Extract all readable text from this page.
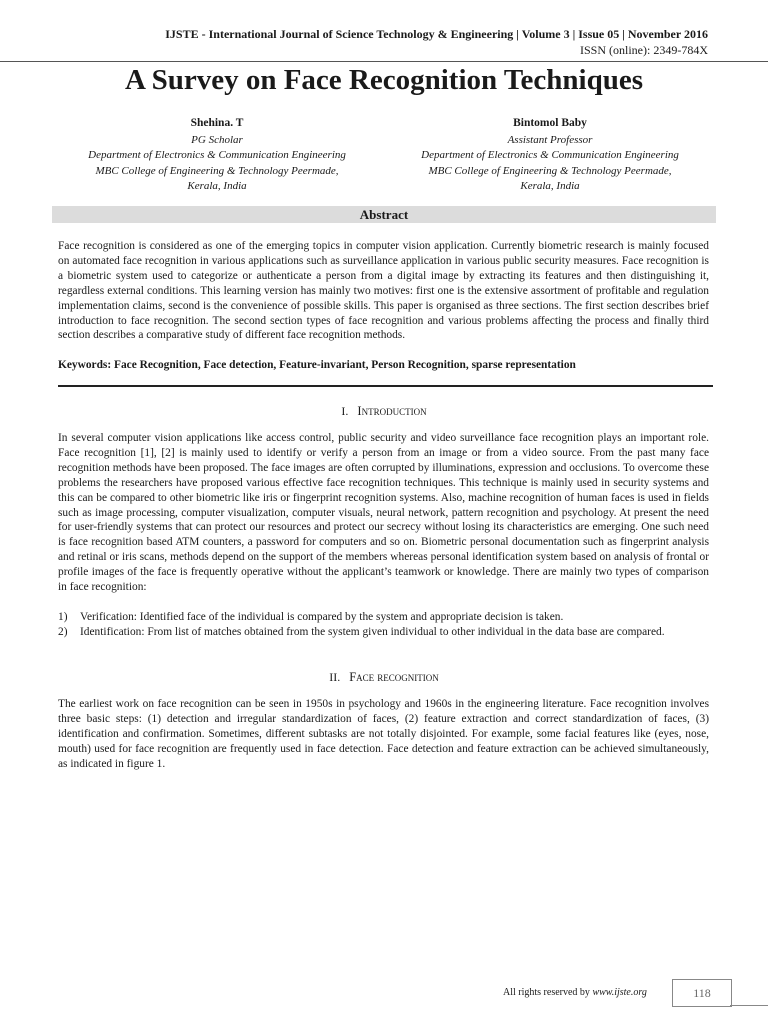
IJSTE - International Journal of Science Technology & Engineering | Volume 3 | Issue 05 | November 2016
ISSN (online): 2349-784X
A Survey on Face Recognition Techniques
Shehina. T
PG Scholar
Department of Electronics & Communication Engineering
MBC College of Engineering & Technology Peermade,
Kerala, India
Bintomol Baby
Assistant Professor
Department of Electronics & Communication Engineering
MBC College of Engineering & Technology Peermade,
Kerala, India
Abstract
Face recognition is considered as one of the emerging topics in computer vision application. Currently biometric research is mainly focused on automated face recognition in various applications such as surveillance application in various public security measures. Face recognition is a biometric system used to categorize or authenticate a person from a digital image by extracting its features and then distinguishing it, regardless external conditions. This learning version has mainly two motives: first one is the extensive assortment of profitable and regulation implementation claims, second is the convenience of possible skills. This paper is organised as three sections. The first section describes brief introduction to face recognition. The second section types of face recognition and various problems affecting the process and finally third section describes a comparative study of different face recognition methods.
Keywords: Face Recognition, Face detection, Feature-invariant, Person Recognition, sparse representation
I. Introduction
In several computer vision applications like access control, public security and video surveillance face recognition plays an important role. Face recognition [1], [2] is mainly used to identify or verify a person from an image or from a video source. From the past many face recognition methods have been proposed. The face images are often corrupted by illuminations, expression and occlusions. To overcome these problems the researchers have proposed various effective face recognition techniques. This technique is mainly used in security systems and this can be compared to other biometric like iris or fingerprint recognition systems. Also, machine recognition of human faces is used in fields such as image processing, computer visualization, computer visuals, neural network, pattern recognition and psychology. At present the need for user-friendly systems that can protect our resources and protect our secrecy without losing its characteristics are emerging. One such need is face recognition based ATM counters, a password for computers and so on. Biometric personal documentation such as fingerprint analysis and retinal or iris scans, methods depend on the support of the members whereas personal identification system based on analysis of frontal or profile images of the face is frequently operative without the applicant’s teamwork or knowledge. There are mainly two types of comparison in face recognition:
1)	Verification: Identified face of the individual is compared by the system and appropriate decision is taken.
2)	Identification: From list of matches obtained from the system given individual to other individual in the data base are compared.
II. Face recognition
The earliest work on face recognition can be seen in 1950s in psychology and 1960s in the engineering literature. Face recognition involves three basic steps: (1) detection and irregular standardization of faces, (2) feature extraction and correct standardization of faces, (3) identification and confirmation. Sometimes, different subtasks are not totally disjointed. For example, some facial features like (eyes, nose, mouth) used for face recognition are frequently used in face detection. Face detection and feature extraction can be achieved simultaneously, as indicated in figure 1.
All rights reserved by www.ijste.org	118
